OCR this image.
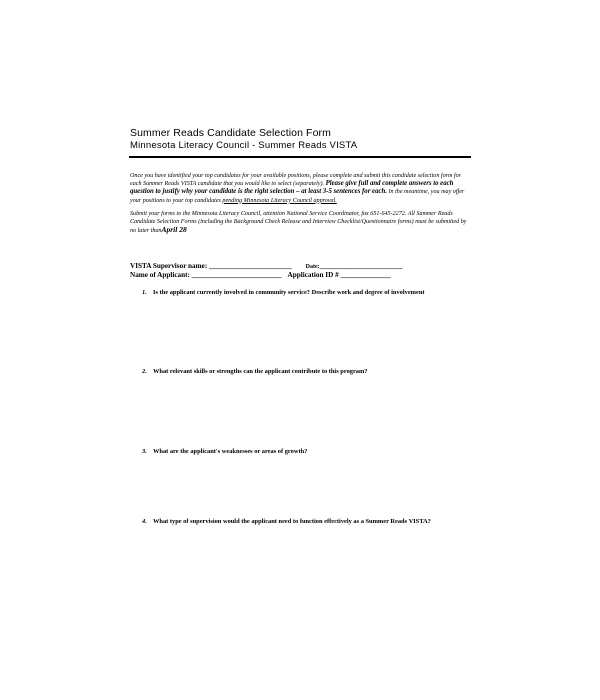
Summer Reads Candidate Selection Form
Minnesota Literacy Council - Summer Reads VISTA

Once you have identified your top candidates for your available positions, please complete and submit this candidate selection form for each Summer Reads VISTA candidate that you would like to select (separately). Please give full and complete answers to each question to justify why your candidate is the right selection – at least 3-5 sentences for each. In the meantime, you may offer your positions to your top candidates pending Minnesota Literacy Council approval.

Submit your forms to the Minnesota Literacy Council, attention National Service Coordinator, fax 651-645-2272. All Summer Reads Candidate Selection Forms (including the Background Check Release and Interview Checklist/Questionnaire forms) must be submitted by no later thanApril 28

VISTA Supervisor name: _______________________ Date:_______________________
Name of Applicant: _________________________ Application ID # ______________
1. Is the applicant currently involved in community service? Describe work and degree of involvement
2. What relevant skills or strengths can the applicant contribute to this program?
3. What are the applicant's weaknesses or areas of growth?
4. What type of supervision would the applicant need to function effectively as a Summer Reads VISTA?
